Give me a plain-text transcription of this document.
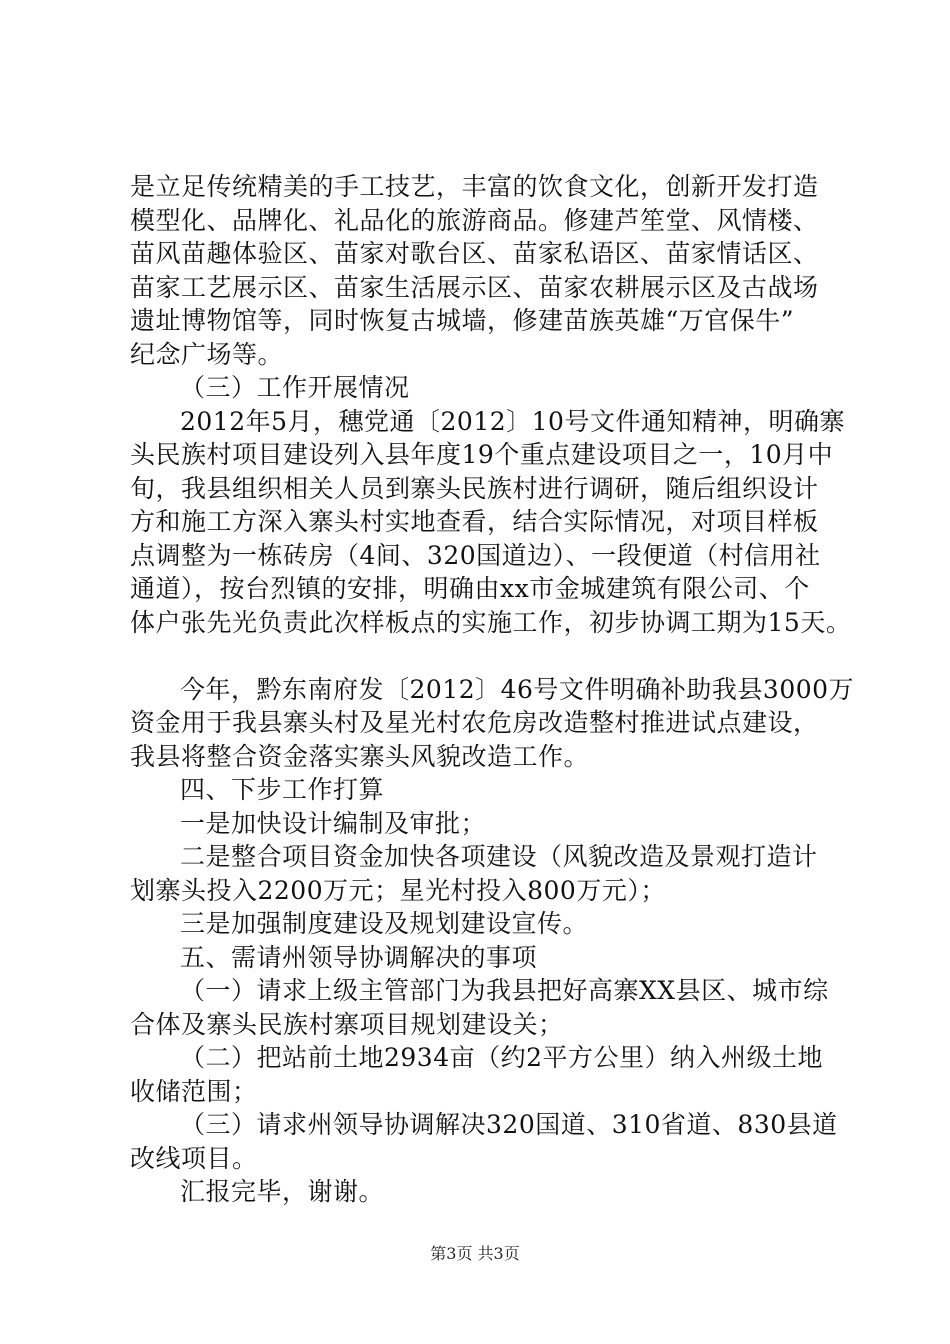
是立足传统精美的手工技艺，丰富的饮食文化，创新开发打造
模型化、品牌化、礼品化的旅游商品。修建芦笙堂、风情楼、
苗风苗趣体验区、苗家对歌台区、苗家私语区、苗家情话区、
苗家工艺展示区、苗家生活展示区、苗家农耕展示区及古战场
遗址博物馆等，同时恢复古城墙，修建苗族英雄“万官保牛”
纪念广场等。
（三）工作开展情况
2012年5月，穗党通〔2012〕10号文件通知精神，明确寨
头民族村项目建设列入县年度19个重点建设项目之一，10月中
旬，我县组织相关人员到寨头民族村进行调研，随后组织设计
方和施工方深入寨头村实地查看，结合实际情况，对项目样板
点调整为一栋砖房（4间、320国道边）、一段便道（村信用社
通道），按台烈镇的安排，明确由xx市金城建筑有限公司、个
体户张先光负责此次样板点的实施工作，初步协调工期为15天。
今年，黔东南府发〔2012〕46号文件明确补助我县3000万
资金用于我县寨头村及星光村农危房改造整村推进试点建设，
我县将整合资金落实寨头风貌改造工作。
四、下步工作打算
一是加快设计编制及审批；
二是整合项目资金加快各项建设（风貌改造及景观打造计
划寨头投入2200万元；星光村投入800万元）；
三是加强制度建设及规划建设宣传。
五、需请州领导协调解决的事项
（一）请求上级主管部门为我县把好高寨XX县区、城市综
合体及寨头民族村寨项目规划建设关；
（二）把站前土地2934亩（约2平方公里）纳入州级土地
收储范围；
（三）请求州领导协调解决320国道、310省道、830县道
改线项目。
汇报完毕，谢谢。
第3页 共3页
